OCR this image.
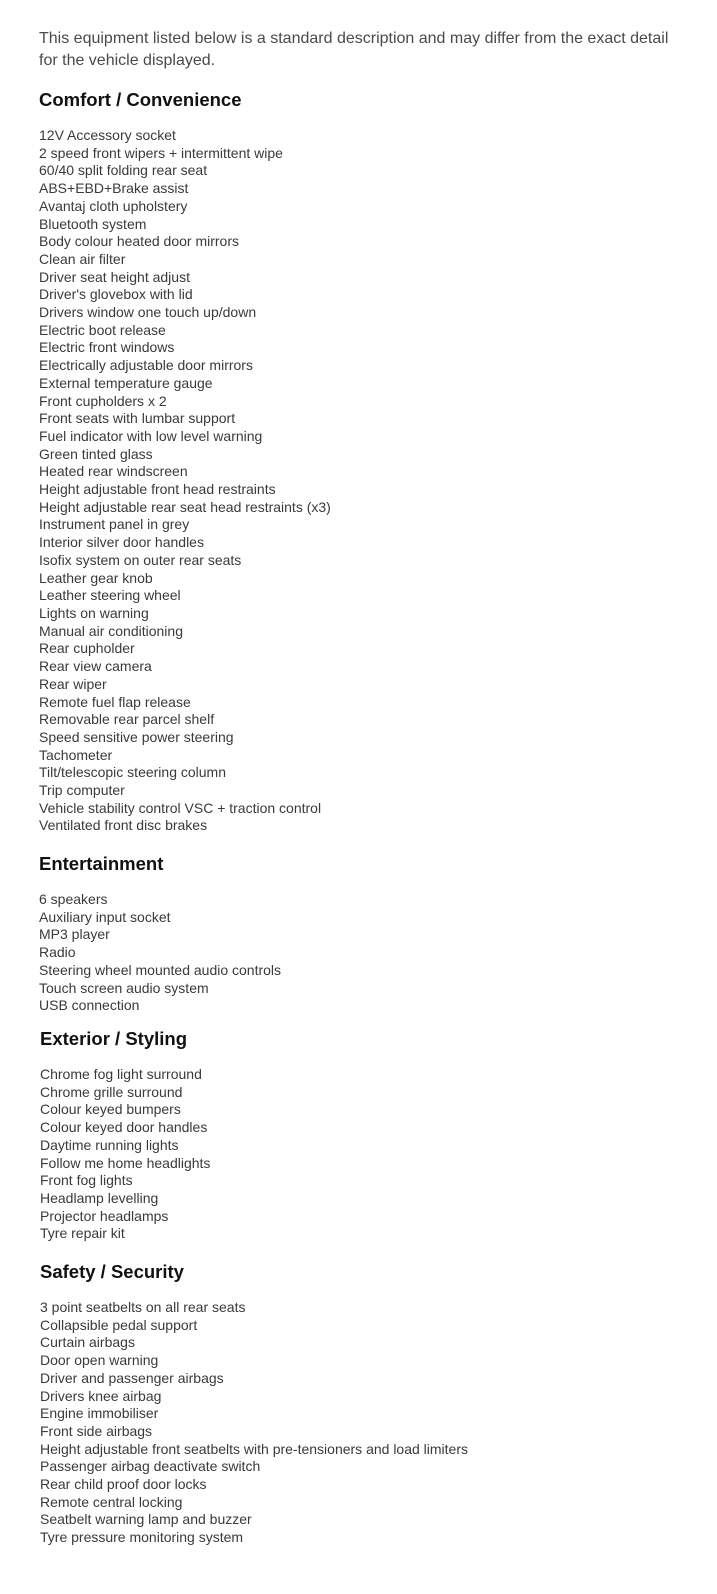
This equipment listed below is a standard description and may differ from the exact detail for the vehicle displayed.

Comfort / Convenience
12V Accessory socket
2 speed front wipers + intermittent wipe
60/40 split folding rear seat
ABS+EBD+Brake assist
Avantaj cloth upholstery
Bluetooth system
Body colour heated door mirrors
Clean air filter
Driver seat height adjust
Driver's glovebox with lid
Drivers window one touch up/down
Electric boot release
Electric front windows
Electrically adjustable door mirrors
External temperature gauge
Front cupholders x 2
Front seats with lumbar support
Fuel indicator with low level warning
Green tinted glass
Heated rear windscreen
Height adjustable front head restraints
Height adjustable rear seat head restraints (x3)
Instrument panel in grey
Interior silver door handles
Isofix system on outer rear seats
Leather gear knob
Leather steering wheel
Lights on warning
Manual air conditioning
Rear cupholder
Rear view camera
Rear wiper
Remote fuel flap release
Removable rear parcel shelf
Speed sensitive power steering
Tachometer
Tilt/telescopic steering column
Trip computer
Vehicle stability control VSC + traction control
Ventilated front disc brakes
Entertainment
6 speakers
Auxiliary input socket
MP3 player
Radio
Steering wheel mounted audio controls
Touch screen audio system
USB connection
Exterior / Styling
Chrome fog light surround
Chrome grille surround
Colour keyed bumpers
Colour keyed door handles
Daytime running lights
Follow me home headlights
Front fog lights
Headlamp levelling
Projector headlamps
Tyre repair kit
Safety / Security
3 point seatbelts on all rear seats
Collapsible pedal support
Curtain airbags
Door open warning
Driver and passenger airbags
Drivers knee airbag
Engine immobiliser
Front side airbags
Height adjustable front seatbelts with pre-tensioners and load limiters
Passenger airbag deactivate switch
Rear child proof door locks
Remote central locking
Seatbelt warning lamp and buzzer
Tyre pressure monitoring system
